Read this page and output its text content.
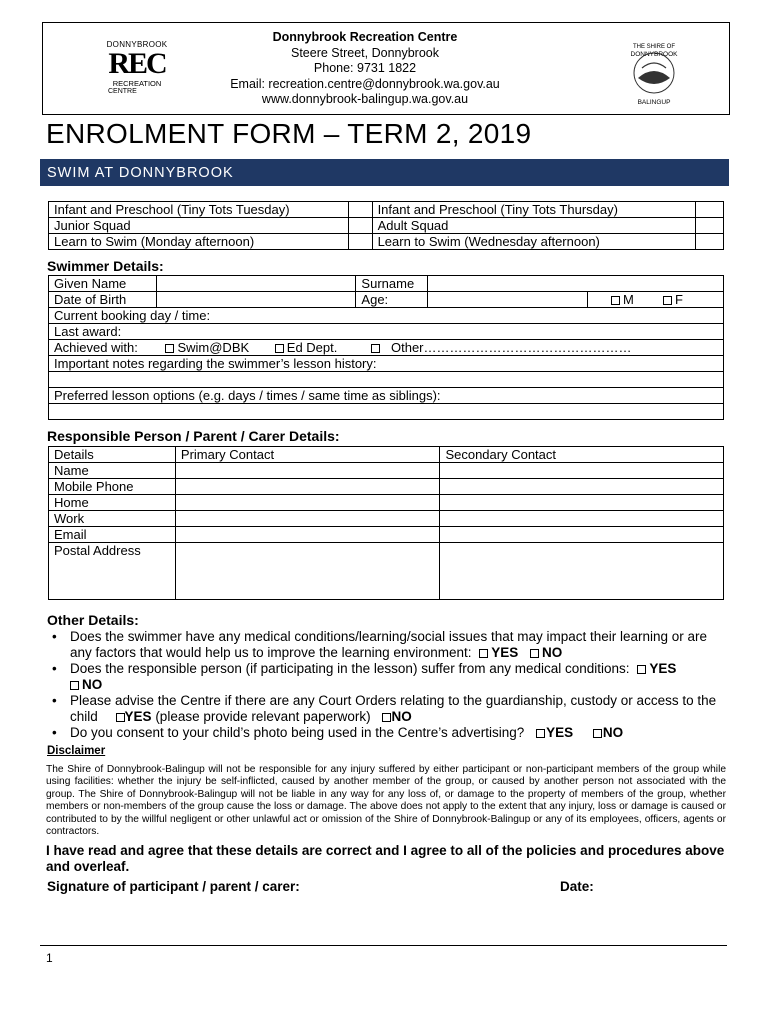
DONNYBROOK
REC
RECREATION
CENTRE
Donnybrook Recreation Centre
Steere Street, Donnybrook
Phone: 9731 1822
Email: recreation.centre@donnybrook.wa.gov.au
www.donnybrook-balingup.wa.gov.au
THE SHIRE OF
DONNYBROOK
BALINGUP
ENROLMENT FORM – TERM 2, 2019
SWIM AT DONNYBROOK
Infant and Preschool (Tiny Tots Tuesday)		Infant and Preschool (Tiny Tots Thursday)	
Junior Squad		Adult Squad	
Learn to Swim (Monday afternoon)		Learn to Swim (Wednesday afternoon)	
Swimmer Details:
Given Name		Surname		
Date of Birth		Age:		M F
Current booking day / time:				
Last award:				
Achieved with: Swim@DBK Ed Dept. Other…………………………………………				
Important notes regarding the swimmer’s lesson history:				

Preferred lesson options (e.g. days / times / same time as siblings):				

Responsible Person / Parent / Carer Details:
Details	Primary Contact	Secondary Contact
Name		
Mobile Phone		
Home		
Work		
Email		
Postal Address		
Other Details:
• Does the swimmer have any medical conditions/learning/social issues that may impact their learning or are any factors that would help us to improve the learning environment: YES NO
• Does the responsible person (if participating in the lesson) suffer from any medical conditions: YES
NO
• Please advise the Centre if there are any Court Orders relating to the guardianship, custody or access to the child YES (please provide relevant paperwork) NO
• Do you consent to your child’s photo being used in the Centre’s advertising? YES NO
Disclaimer
The Shire of Donnybrook-Balingup will not be responsible for any injury suffered by either participant or non-participant members of the group while using facilities: whether the injury be self-inflicted, caused by another member of the group, or caused by another person not associated with the group. The Shire of Donnybrook-Balingup will not be liable in any way for any loss of, or damage to the property of members of the group, whether members or non-members of the group cause the loss or damage. The above does not apply to the extent that any injury, loss or damage is caused or contributed to by the willful negligent or other unlawful act or omission of the Shire of Donnybrook-Balingup or any of its employees, officers, agents or contractors.
I have read and agree that these details are correct and I agree to all of the policies and procedures above and overleaf.
Signature of participant / parent / carer:	Date:
1
